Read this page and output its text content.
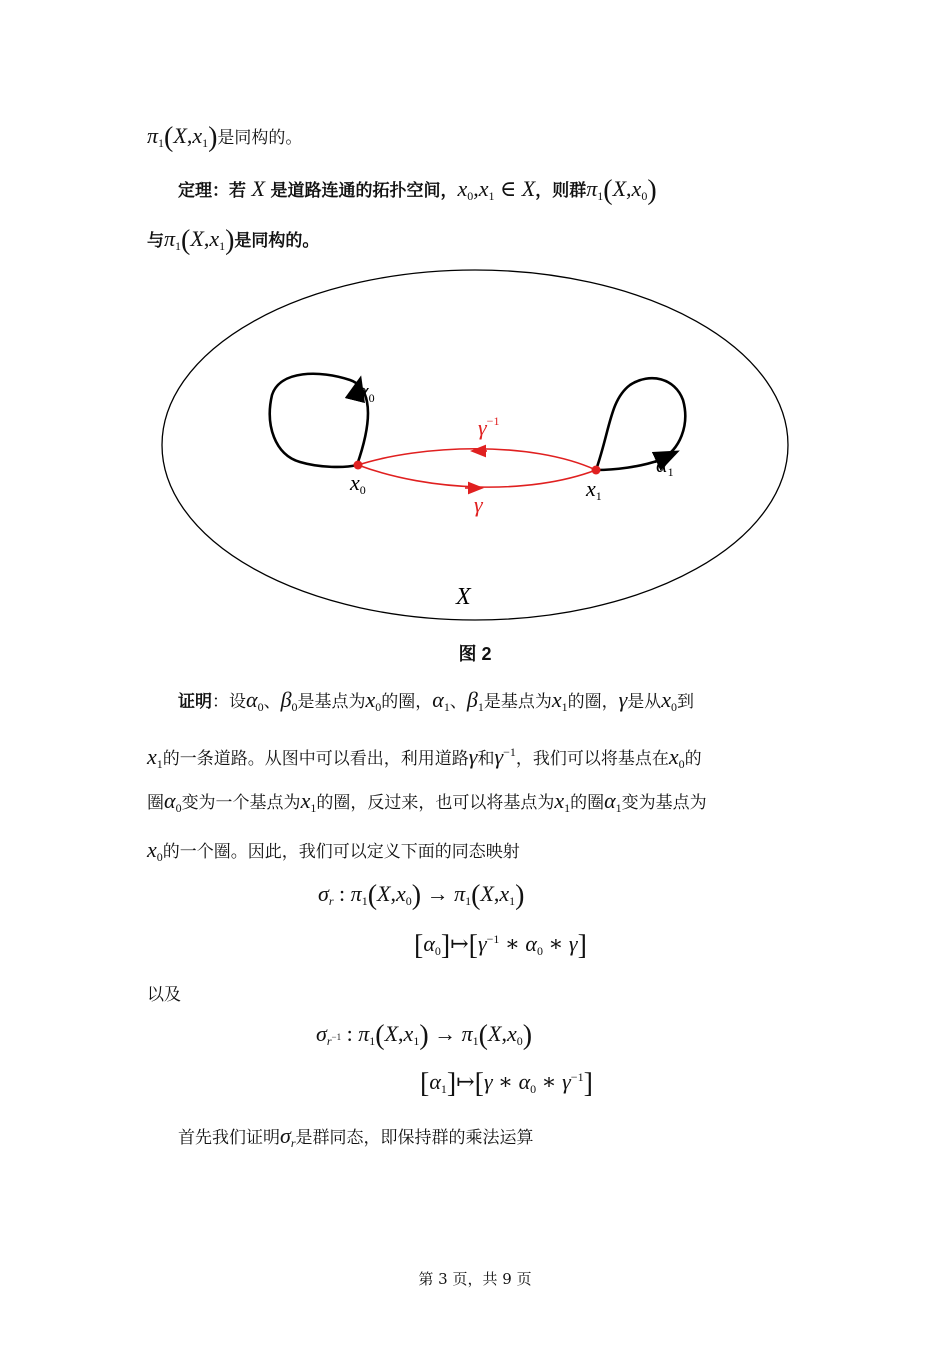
$\pi_1(X,x_1)$是同构的。
定理：若 X 是道路连通的拓扑空间，$x_0,x_1$ ∈ X，则群$\pi_1(X,x_0)$
与$\pi_1(X,x_1)$是同构的。
α0
α1
$\gamma^{-1}$
γ
x0	x1
X
图 2
证明：设$\alpha_0$、$\beta_0$是基点为$x_0$的圈，$\alpha_1$、$\beta_1$是基点为$x_1$的圈，γ是从$x_0$到
$x_1$的一条道路。从图中可以看出，利用道路γ和$\gamma^{-1}$，我们可以将基点在$x_0$的
圈$\alpha_0$变为一个基点为$x_1$的圈，反过来，也可以将基点为$x_1$的圈$\alpha_1$变为基点为
$x_0$的一个圈。因此，我们可以定义下面的同态映射
$\sigma_r$ : $\pi_1(X,x_0) \to \pi_1(X,x_1)$
$[\alpha_0]↦[\gamma^{-1}$ ∗ $\alpha_0$ ∗ γ]
以及
$\sigma_{r^{-1}}$ : $\pi_1(X,x_1) \to \pi_1(X,x_0)$
$[\alpha_1]↦[\gamma$ ∗ $\alpha_0$ ∗ $\gamma^{-1}$]
首先我们证明$\sigma_r$是群同态，即保持群的乘法运算
第 3 页，共 9 页
